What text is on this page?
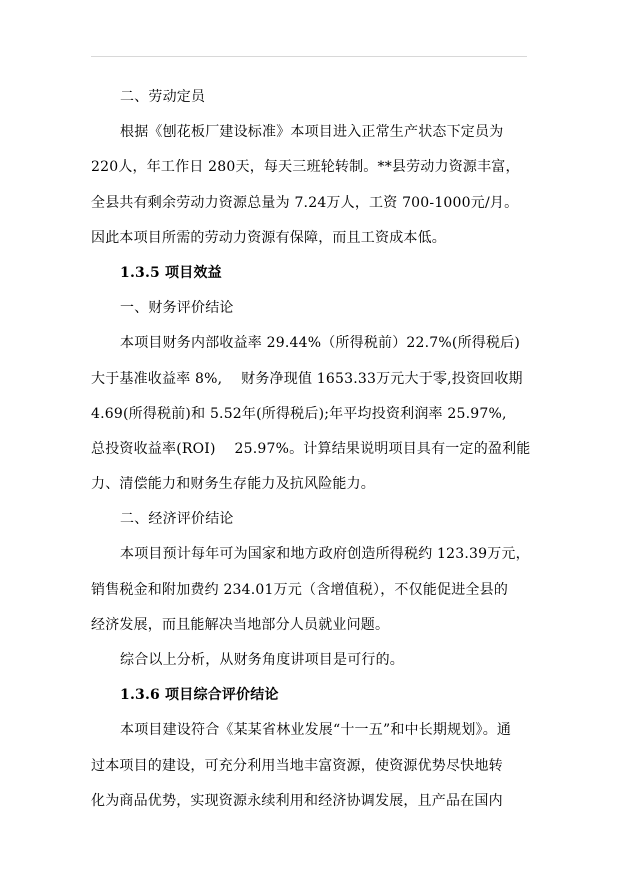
二、劳动定员
根据《刨花板厂建设标准》本项目进入正常生产状态下定员为
220人，年工作日 280天，每天三班轮转制。**县劳动力资源丰富，
全县共有剩余劳动力资源总量为 7.24万人，工资 700-1000元/月。
因此本项目所需的劳动力资源有保障，而且工资成本低。
1.3.5 项目效益
一、财务评价结论
本项目财务内部收益率 29.44%（所得税前）22.7%(所得税后)
大于基准收益率 8%,　 财务净现值 1653.33万元大于零,投资回收期
4.69(所得税前)和 5.52年(所得税后);年平均投资利润率 25.97%,
总投资收益率(ROI)　 25.97%。计算结果说明项目具有一定的盈利能
力、清偿能力和财务生存能力及抗风险能力。
二、经济评价结论
本项目预计每年可为国家和地方政府创造所得税约 123.39万元，
销售税金和附加费约 234.01万元（含增值税），不仅能促进全县的
经济发展，而且能解决当地部分人员就业问题。
综合以上分析，从财务角度讲项目是可行的。
1.3.6 项目综合评价结论
本项目建设符合《某某省林业发展“十一五”和中长期规划》。通
过本项目的建设，可充分利用当地丰富资源，使资源优势尽快地转
化为商品优势，实现资源永续利用和经济协调发展，且产品在国内
